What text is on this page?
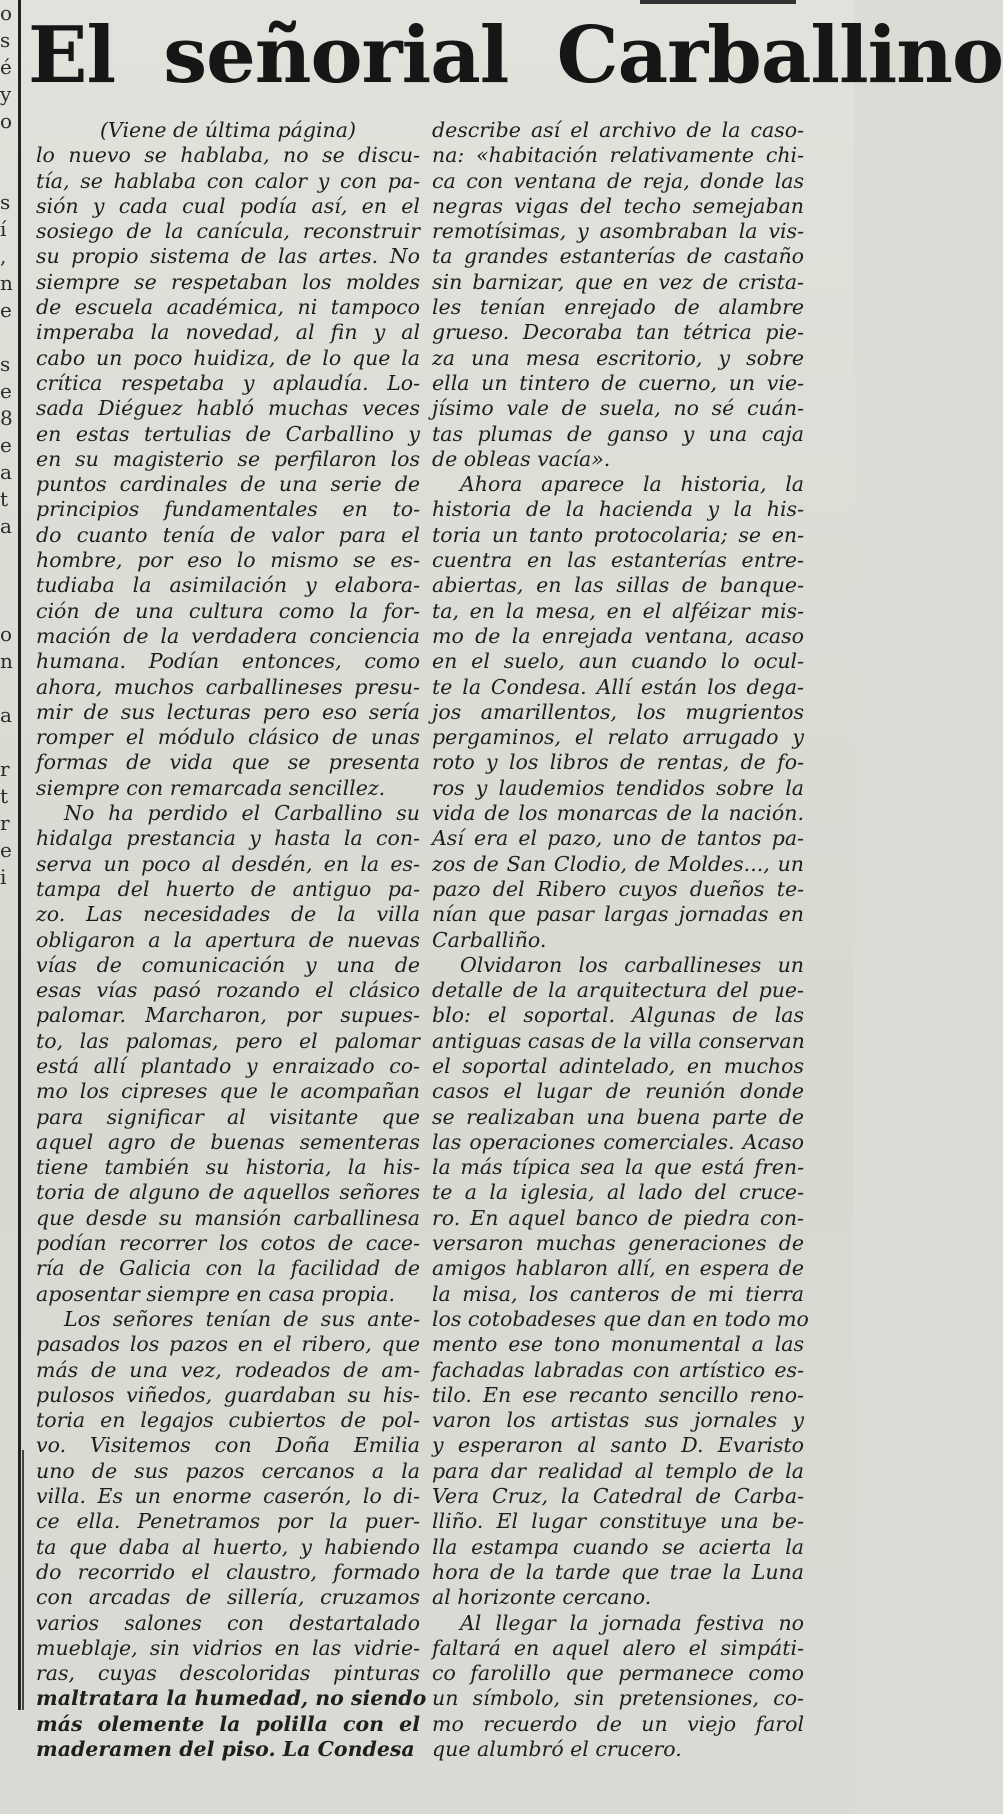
o
s
é
y
o
s
í
,
n
e
s
e
8
e
a
t
a
o
n
a
r
t
r
e
i
El señorial Carballino
(Viene de última página)
lo nuevo se hablaba, no se discu-
tía, se hablaba con calor y con pa-
sión y cada cual podía así, en el
sosiego de la canícula, reconstruir
su propio sistema de las artes. No
siempre se respetaban los moldes
de escuela académica, ni tampoco
imperaba la novedad, al fin y al
cabo un poco huidiza, de lo que la
crítica respetaba y aplaudía. Lo-
sada Diéguez habló muchas veces
en estas tertulias de Carballino y
en su magisterio se perfilaron los
puntos cardinales de una serie de
principios fundamentales en to-
do cuanto tenía de valor para el
hombre, por eso lo mismo se es-
tudiaba la asimilación y elabora-
ción de una cultura como la for-
mación de la verdadera conciencia
humana. Podían entonces, como
ahora, muchos carballineses presu-
mir de sus lecturas pero eso sería
romper el módulo clásico de unas
formas de vida que se presenta
siempre con remarcada sencillez.
No ha perdido el Carballino su
hidalga prestancia y hasta la con-
serva un poco al desdén, en la es-
tampa del huerto de antiguo pa-
zo. Las necesidades de la villa
obligaron a la apertura de nuevas
vías de comunicación y una de
esas vías pasó rozando el clásico
palomar. Marcharon, por supues-
to, las palomas, pero el palomar
está allí plantado y enraizado co-
mo los cipreses que le acompañan
para significar al visitante que
aquel agro de buenas sementeras
tiene también su historia, la his-
toria de alguno de aquellos señores
que desde su mansión carballinesa
podían recorrer los cotos de cace-
ría de Galicia con la facilidad de
aposentar siempre en casa propia.
Los señores tenían de sus ante-
pasados los pazos en el ribero, que
más de una vez, rodeados de am-
pulosos viñedos, guardaban su his-
toria en legajos cubiertos de pol-
vo. Visitemos con Doña Emilia
uno de sus pazos cercanos a la
villa. Es un enorme caserón, lo di-
ce ella. Penetramos por la puer-
ta que daba al huerto, y habiendo
do recorrido el claustro, formado
con arcadas de sillería, cruzamos
varios salones con destartalado
mueblaje, sin vidrios en las vidrie-
ras, cuyas descoloridas pinturas
maltratara la humedad, no siendo
más olemente la polilla con el
maderamen del piso. La Condesa
describe así el archivo de la caso-
na: «habitación relativamente chi-
ca con ventana de reja, donde las
negras vigas del techo semejaban
remotísimas, y asombraban la vis-
ta grandes estanterías de castaño
sin barnizar, que en vez de crista-
les tenían enrejado de alambre
grueso. Decoraba tan tétrica pie-
za una mesa escritorio, y sobre
ella un tintero de cuerno, un vie-
jísimo vale de suela, no sé cuán-
tas plumas de ganso y una caja
de obleas vacía».
Ahora aparece la historia, la
historia de la hacienda y la his-
toria un tanto protocolaria; se en-
cuentra en las estanterías entre-
abiertas, en las sillas de banque-
ta, en la mesa, en el alféizar mis-
mo de la enrejada ventana, acaso
en el suelo, aun cuando lo ocul-
te la Condesa. Allí están los dega-
jos amarillentos, los mugrientos
pergaminos, el relato arrugado y
roto y los libros de rentas, de fo-
ros y laudemios tendidos sobre la
vida de los monarcas de la nación.
Así era el pazo, uno de tantos pa-
zos de San Clodio, de Moldes..., un
pazo del Ribero cuyos dueños te-
nían que pasar largas jornadas en
Carballiño.
Olvidaron los carballineses un
detalle de la arquitectura del pue-
blo: el soportal. Algunas de las
antiguas casas de la villa conservan
el soportal adintelado, en muchos
casos el lugar de reunión donde
se realizaban una buena parte de
las operaciones comerciales. Acaso
la más típica sea la que está fren-
te a la iglesia, al lado del cruce-
ro. En aquel banco de piedra con-
versaron muchas generaciones de
amigos hablaron allí, en espera de
la misa, los canteros de mi tierra
los cotobadeses que dan en todo mo
mento ese tono monumental a las
fachadas labradas con artístico es-
tilo. En ese recanto sencillo reno-
varon los artistas sus jornales y
y esperaron al santo D. Evaristo
para dar realidad al templo de la
Vera Cruz, la Catedral de Carba-
lliño. El lugar constituye una be-
lla estampa cuando se acierta la
hora de la tarde que trae la Luna
al horizonte cercano.
Al llegar la jornada festiva no
faltará en aquel alero el simpáti-
co farolillo que permanece como
un símbolo, sin pretensiones, co-
mo recuerdo de un viejo farol
que alumbró el crucero.
